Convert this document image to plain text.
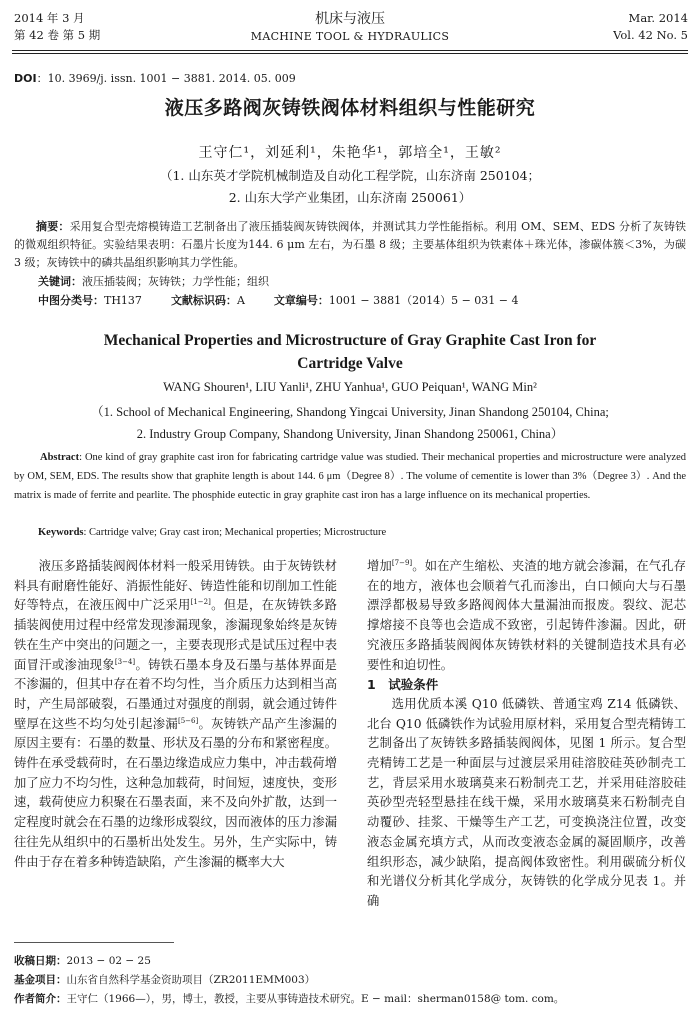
2014 年 3 月
第 42 卷 第 5 期
机床与液压
MACHINE TOOL & HYDRAULICS
Mar. 2014
Vol. 42 No. 5
DOI：10. 3969/j. issn. 1001 − 3881. 2014. 05. 009
液压多路阀灰铸铁阀体材料组织与性能研究
王守仁¹，刘延利¹，朱艳华¹，郭培全¹，王敏²
（1. 山东英才学院机械制造及自动化工程学院，山东济南 250104；
2. 山东大学产业集团，山东济南 250061）
摘要：采用复合型壳熔模铸造工艺制备出了液压插装阀灰铸铁阀体，并测试其力学性能指标。利用 OM、SEM、EDS 分析了灰铸铁的微观组织特征。实验结果表明：石墨片长度为144. 6 μm 左右，为石墨 8 级；主要基体组织为铁素体＋珠光体，渗碳体簇＜3%，为碳 3 级；灰铸铁中的磷共晶组织影响其力学性能。
关键词：液压插装阀；灰铸铁；力学性能；组织
中图分类号：TH137	文献标识码：A	文章编号：1001 − 3881（2014）5 − 031 − 4
Mechanical Properties and Microstructure of Gray Graphite Cast Iron for
Cartridge Valve
WANG Shouren¹, LIU Yanli¹, ZHU Yanhua¹, GUO Peiquan¹, WANG Min²
（1. School of Mechanical Engineering, Shandong Yingcai University, Jinan Shandong 250104, China;
2. Industry Group Company, Shandong University, Jinan Shandong 250061, China）
Abstract: One kind of gray graphite cast iron for fabricating cartridge value was studied. Their mechanical properties and microstructure were analyzed by OM, SEM, EDS. The results show that graphite length is about 144. 6 μm（Degree 8）. The volume of cementite is lower than 3%（Degree 3）. And the matrix is made of ferrite and pearlite. The phosphide eutectic in gray graphite cast iron has a large influence on its mechanical properties.
Keywords: Cartridge valve; Gray cast iron; Mechanical properties; Microstructure

液压多路插装阀阀体材料一般采用铸铁。由于灰铸铁材料具有耐磨性能好、消振性能好、铸造性能和切削加工性能好等特点，在液压阀中广泛采用[1−2]。但是，在灰铸铁多路插装阀使用过程中经常发现渗漏现象，渗漏现象始终是灰铸铁在生产中突出的问题之一，主要表现形式是试压过程中表面冒汗或渗油现象[3−4]。铸铁石墨本身及石墨与基体界面是不渗漏的，但其中存在着不均匀性，当介质压力达到相当高时，产生局部破裂，石墨通过对强度的削弱，就会通过铸件壁厚在这些不均匀处引起渗漏[5−6]。灰铸铁产品产生渗漏的原因主要有：石墨的数量、形状及石墨的分布和紧密程度。铸件在承受载荷时，在石墨边缘造成应力集中，冲击载荷增加了应力不均匀性，这种急加载荷，时间短，速度快，变形速，载荷使应力积聚在石墨表面，来不及向外扩散，达到一定程度时就会在石墨的边缘形成裂纹，因而液体的压力渗漏往往先从组织中的石墨析出处发生。另外，生产实际中，铸件由于存在着多种铸造缺陷，产生渗漏的概率大大

增加[7−9]。如在产生缩松、夹渣的地方就会渗漏，在气孔存在的地方，液体也会顺着气孔而渗出，白口倾向大与石墨漂浮都极易导致多路阀阀体大量漏油而报废。裂纹、泥芯撑熔接不良等也会造成不致密，引起铸件渗漏。因此，研究液压多路插装阀阀体灰铸铁材料的关键制造技术具有必要性和迫切性。

1　试验条件

选用优质本溪 Q10 低磷铁、普通宝鸡 Z14 低磷铁、北台 Q10 低磷铁作为试验用原材料，采用复合型壳精铸工艺制备出了灰铸铁多路插装阀阀体，见图 1 所示。复合型壳精铸工艺是一种面层与过渡层采用硅溶胶硅英砂制壳工艺，背层采用水玻璃莫来石粉制壳工艺，并采用硅溶胶硅英砂型壳轻型悬挂在线干燥，采用水玻璃莫来石粉制壳自动覆砂、挂浆、干燥等生产工艺，可变换浇注位置，改变液态金属充填方式，从而改变液态金属的凝固顺序，改善组织形态，减少缺陷，提高阀体致密性。利用碳硫分析仪和光谱仪分析其化学成分，灰铸铁的化学成分见表 1。并确

收稿日期：2013 − 02 − 25
基金项目：山东省自然科学基金资助项目（ZR2011EMM003）
作者简介：王守仁（1966—），男，博士，教授，主要从事铸造技术研究。E − mail：sherman0158@ tom. com。
